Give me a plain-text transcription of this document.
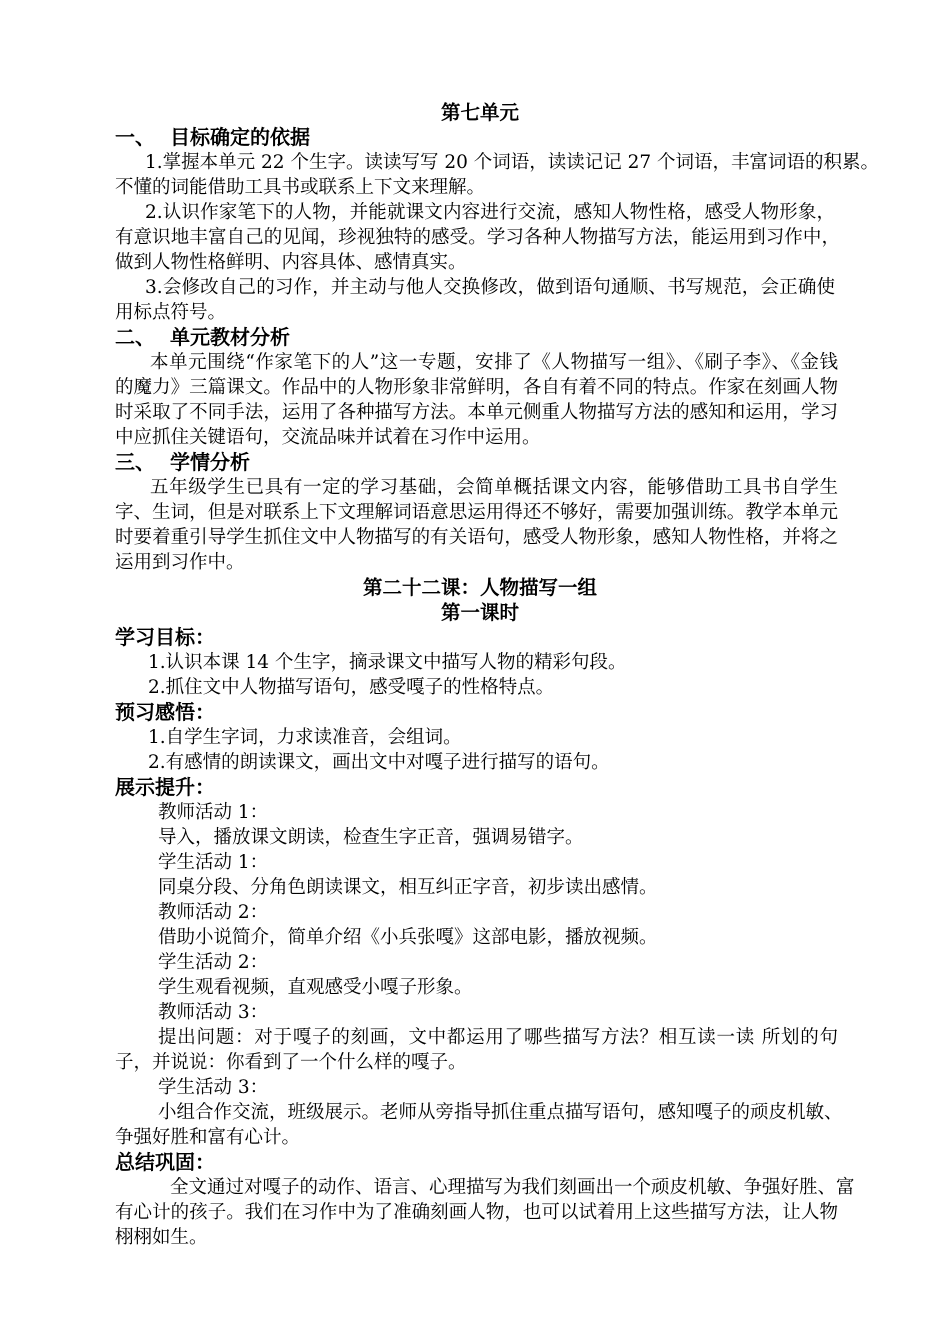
第七单元
一、 目标确定的依据
1.掌握本单元 22 个生字。读读写写 20 个词语，读读记记 27 个词语，丰富词语的积累。
不懂的词能借助工具书或联系上下文来理解。
2.认识作家笔下的人物，并能就课文内容进行交流，感知人物性格，感受人物形象，
有意识地丰富自己的见闻，珍视独特的感受。学习各种人物描写方法，能运用到习作中，
做到人物性格鲜明、内容具体、感情真实。
3.会修改自己的习作，并主动与他人交换修改，做到语句通顺、书写规范，会正确使
用标点符号。
二、 单元教材分析
本单元围绕“作家笔下的人”这一专题，安排了《人物描写一组》、《刷子李》、《金钱
的魔力》三篇课文。作品中的人物形象非常鲜明，各自有着不同的特点。作家在刻画人物
时采取了不同手法，运用了各种描写方法。本单元侧重人物描写方法的感知和运用，学习
中应抓住关键语句，交流品味并试着在习作中运用。
三、 学情分析
五年级学生已具有一定的学习基础，会简单概括课文内容，能够借助工具书自学生
字、生词，但是对联系上下文理解词语意思运用得还不够好，需要加强训练。教学本单元
时要着重引导学生抓住文中人物描写的有关语句，感受人物形象，感知人物性格，并将之
运用到习作中。
第二十二课：人物描写一组
第一课时
学习目标：
1.认识本课 14 个生字，摘录课文中描写人物的精彩句段。
2.抓住文中人物描写语句，感受嘎子的性格特点。
预习感悟：
1.自学生字词，力求读准音，会组词。
2.有感情的朗读课文，画出文中对嘎子进行描写的语句。
展示提升：
教师活动 1：
导入，播放课文朗读，检查生字正音，强调易错字。
学生活动 1：
同桌分段、分角色朗读课文，相互纠正字音，初步读出感情。
教师活动 2：
借助小说简介，简单介绍《小兵张嘎》这部电影，播放视频。
学生活动 2：
学生观看视频，直观感受小嘎子形象。
教师活动 3：
提出问题：对于嘎子的刻画，文中都运用了哪些描写方法？相互读一读 所划的句
子，并说说：你看到了一个什么样的嘎子。
学生活动 3：
小组合作交流，班级展示。老师从旁指导抓住重点描写语句，感知嘎子的顽皮机敏、
争强好胜和富有心计。
总结巩固：
全文通过对嘎子的动作、语言、心理描写为我们刻画出一个顽皮机敏、争强好胜、富
有心计的孩子。我们在习作中为了准确刻画人物，也可以试着用上这些描写方法，让人物
栩栩如生。
